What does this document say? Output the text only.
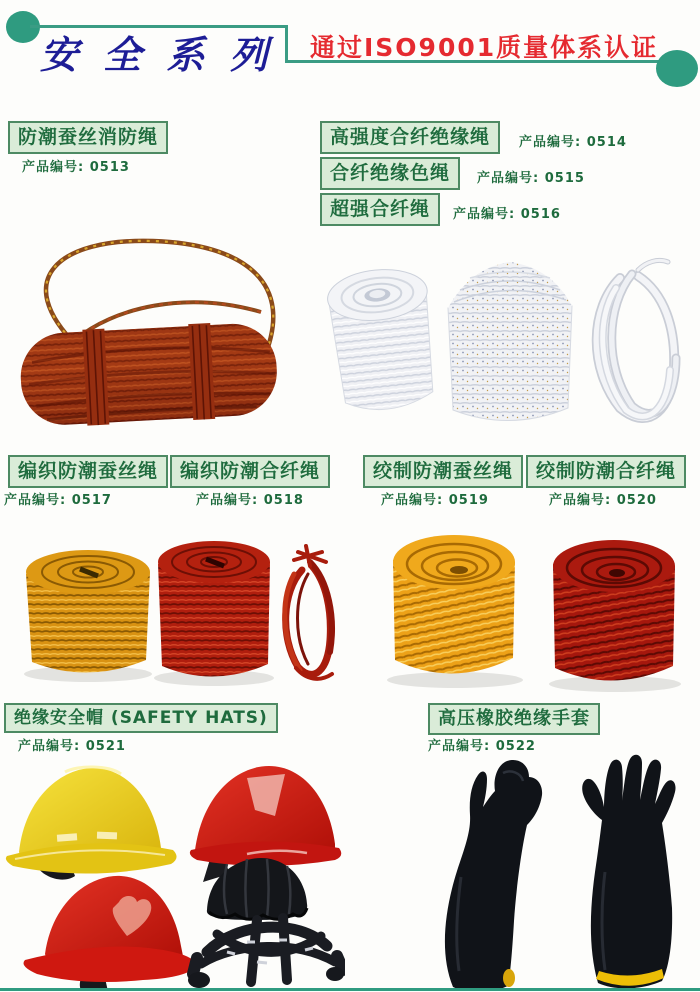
安 全 系 列 通过ISO9001质量体系认证
防潮蚕丝消防绳
产品编号: 0513
高强度合纤绝缘绳	产品编号: 0514
合纤绝缘色绳	产品编号: 0515
超强合纤绳	产品编号: 0516
编织防潮蚕丝绳
产品编号: 0517
编织防潮合纤绳
产品编号: 0518
绞制防潮蚕丝绳
产品编号: 0519
绞制防潮合纤绳
产品编号: 0520
绝缘安全帽 (SAFETY HATS)
产品编号: 0521
高压橡胶绝缘手套
产品编号: 0522
